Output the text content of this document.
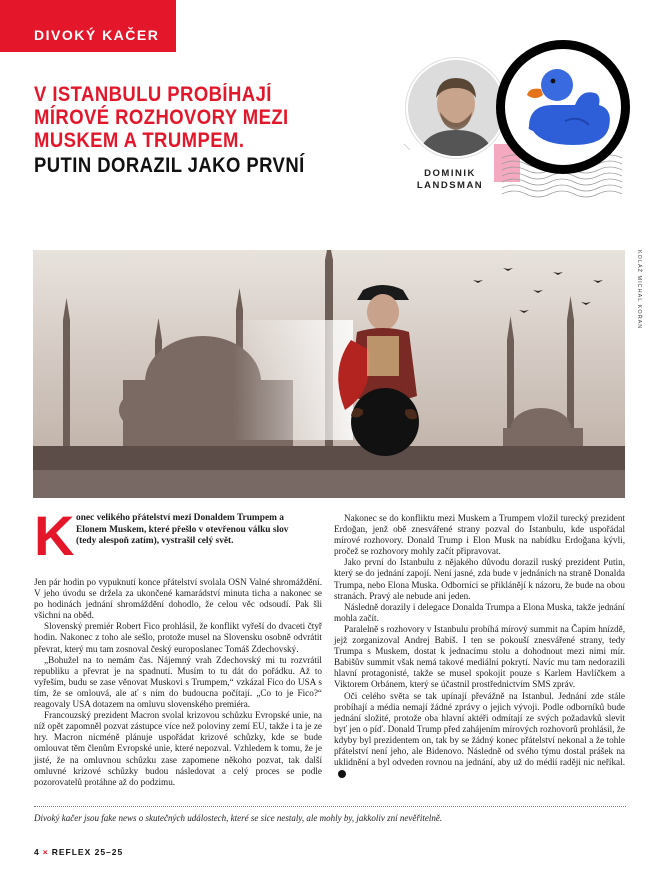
DIVOKÝ KAČER
V ISTANBULU PROBÍHAJÍ
MÍROVÉ ROZHOVORY MEZI
MUSKEM A TRUMPEM.
PUTIN DORAZIL JAKO PRVNÍ	DOMINIK
LANDSMAN
KOLÁŽ MICHAL KOŘAN
K onec velikého přátelství mezi Donaldem Trumpem a Elonem Muskem, které přešlo v otevřenou válku slov (tedy alespoň zatím), vystrašil celý svět.

Jen pár hodin po vypuknutí konce přátelství svolala OSN Valné shromáždění. V jeho úvodu se držela za ukončené kamarádství minuta ticha a nakonec se po hodinách jednání shromáždění dohodlo, že celou věc odsoudí. Pak šli všichni na oběd.

Slovenský premiér Robert Fico prohlásil, že konflikt vyřeší do dvaceti čtyř hodin. Nakonec z toho ale sešlo, protože musel na Slovensku osobně odvrátit převrat, který mu tam zosnoval český europoslanec Tomáš Zdechovský.

„Bohužel na to nemám čas. Nájemný vrah Zdechovský mi tu rozvrátil republiku a převrat je na spadnutí. Musím to tu dát do pořádku. Až to vyřeším, budu se zase věnovat Muskovi s Trumpem,“ vzkázal Fico do USA s tím, že se omlouvá, ale ať s ním do budoucna počítají. „Co to je Fico?“ reagovaly USA dotazem na omluvu slovenského premiéra.

Francouzský prezident Macron svolal krizovou schůzku Evropské unie, na níž opět zapomněl pozvat zástupce více než poloviny zemí EU, takže i ta je ze hry. Macron nicméně plánuje uspořádat krizové schůzky, kde se bude omlouvat těm členům Evropské unie, které nepozval. Vzhledem k tomu, že je jisté, že na omluvnou schůzku zase zapomene někoho pozvat, tak další omluvné krizové schůzky budou následovat a celý proces se podle pozorovatelů protáhne až do podzimu.

Nakonec se do konfliktu mezi Muskem a Trumpem vložil turecký prezident Erdoğan, jenž obě znesvářené strany pozval do Istanbulu, kde uspořádal mírové rozhovory. Donald Trump i Elon Musk na nabídku Erdoğana kývli, pročež se rozhovory mohly začít připravovat.

Jako první do Istanbulu z nějakého důvodu dorazil ruský prezident Putin, který se do jednání zapojí. Není jasné, zda bude v jednáních na straně Donalda Trumpa, nebo Elona Muska. Odborníci se přiklánějí k názoru, že bude na obou stranách. Pravý ale nebude ani jeden.

Následně dorazily i delegace Donalda Trumpa a Elona Muska, takže jednání mohla začít.

Paralelně s rozhovory v Istanbulu probíhá mírový summit na Čapím hnízdě, jejž zorganizoval Andrej Babiš. I ten se pokouší znesvářené strany, tedy Trumpa s Muskem, dostat k jednacímu stolu a dohodnout mezi nimi mír. Babišův summit však nemá takové mediální pokrytí. Navíc mu tam nedorazili hlavní protagonisté, takže se musel spokojit pouze s Karlem Havlíčkem a Viktorem Orbánem, který se účastnil prostřednictvím SMS zpráv.

Oči celého světa se tak upínají převážně na Istanbul. Jednání zde stále probíhají a média nemají žádné zprávy o jejich vývoji. Podle odborníků bude jednání složité, protože oba hlavní aktéři odmítají ze svých požadavků slevit byť jen o píď. Donald Trump před zahájením mírových rozhovorů prohlásil, že kdyby byl prezidentem on, tak by se žádný konec přátelství nekonal a že tohle přátelství není jeho, ale Bidenovo. Následně od svého týmu dostal prášek na uklidnění a byl odveden rovnou na jednání, aby už do médií raději nic neříkal.×

Divoký kačer jsou fake news o skutečných událostech, které se sice nestaly, ale mohly by, jakkoliv zní nevěřitelně.
4 × REFLEX 25–25
